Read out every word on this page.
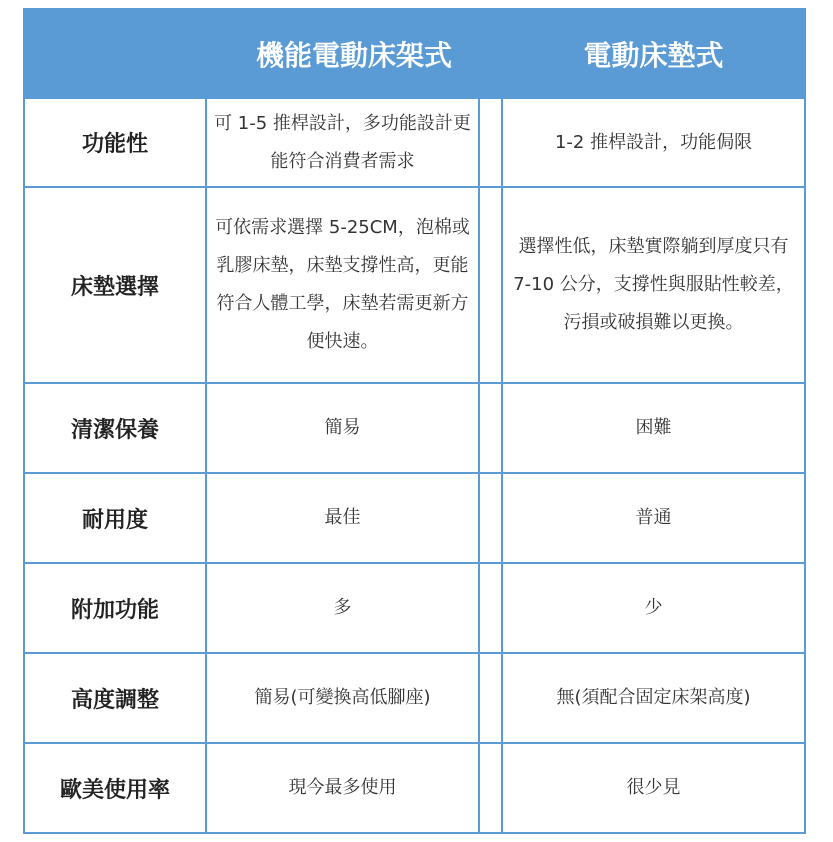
	機能電動床架式		電動床墊式
功能性	可 1-5 推桿設計，多功能設計更能符合消費者需求		1-2 推桿設計，功能侷限
床墊選擇	可依需求選擇 5-25CM，泡棉或乳膠床墊，床墊支撐性高，更能符合人體工學，床墊若需更新方便快速。		選擇性低，床墊實際躺到厚度只有 7-10 公分，支撐性與服貼性較差，污損或破損難以更換。
清潔保養	簡易		困難
耐用度	最佳		普通
附加功能	多		少
高度調整	簡易(可變換高低腳座)		無(須配合固定床架高度)
歐美使用率	現今最多使用		很少見
